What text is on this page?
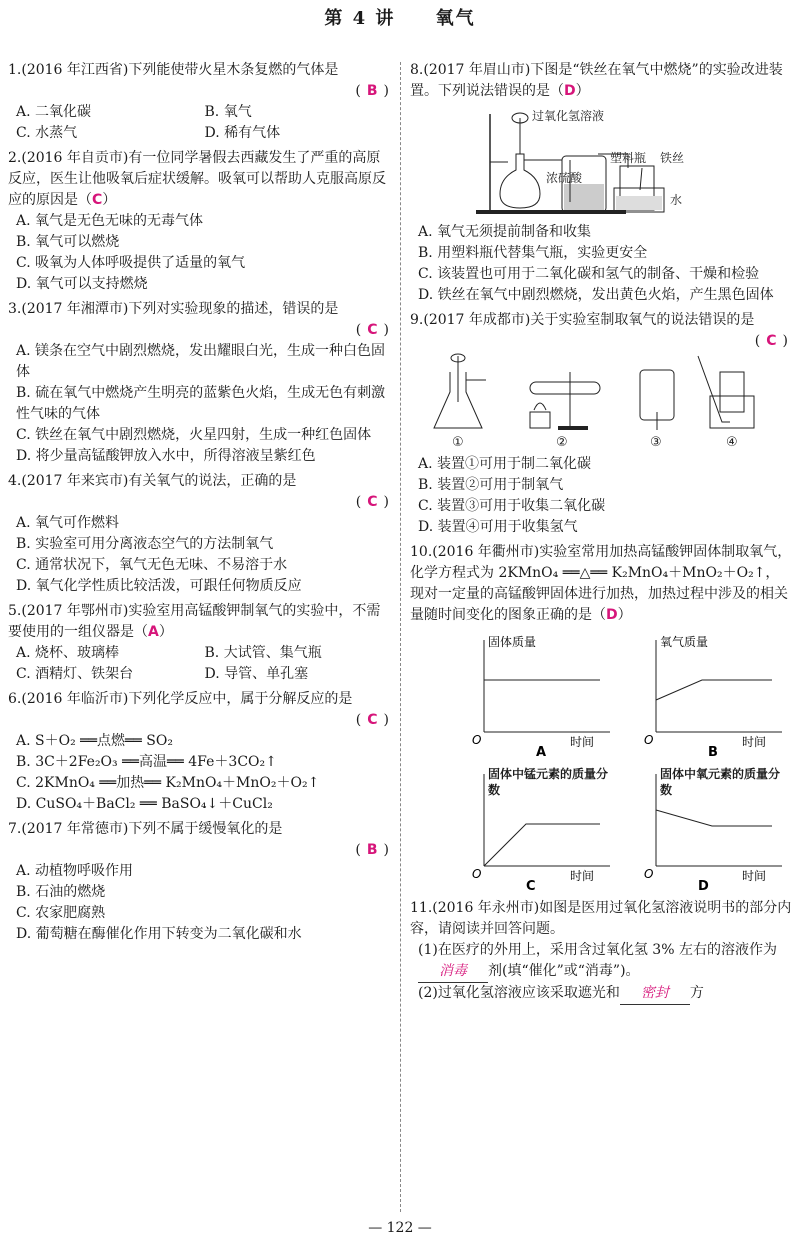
第 4 讲 氧气
1.(2016 年江西省)下列能使带火星木条复燃的气体是
( B )
A. 二氧化碳	B. 氧气
C. 水蒸气	D. 稀有气体
2.(2016 年自贡市)有一位同学暑假去西藏发生了严重的高原反应，医生让他吸氧后症状缓解。吸氧可以帮助人克服高原反应的原因是（C）
A. 氧气是无色无味的无毒气体
B. 氧气可以燃烧
C. 吸氧为人体呼吸提供了适量的氧气
D. 氧气可以支持燃烧
3.(2017 年湘潭市)下列对实验现象的描述，错误的是
( C )
A. 镁条在空气中剧烈燃烧，发出耀眼白光，生成一种白色固体
B. 硫在氧气中燃烧产生明亮的蓝紫色火焰，生成无色有刺激性气味的气体
C. 铁丝在氧气中剧烈燃烧，火星四射，生成一种红色固体
D. 将少量高锰酸钾放入水中，所得溶液呈紫红色
4.(2017 年来宾市)有关氧气的说法，正确的是
( C )
A. 氧气可作燃料
B. 实验室可用分离液态空气的方法制氧气
C. 通常状况下，氧气无色无味、不易溶于水
D. 氧气化学性质比较活泼，可跟任何物质反应
5.(2017 年鄂州市)实验室用高锰酸钾制氧气的实验中，不需要使用的一组仪器是（A）
A. 烧杯、玻璃棒	B. 大试管、集气瓶
C. 酒精灯、铁架台	D. 导管、单孔塞
6.(2016 年临沂市)下列化学反应中，属于分解反应的是
( C )
A. S＋O₂ ══点燃══ SO₂
B. 3C＋2Fe₂O₃ ══高温══ 4Fe＋3CO₂↑
C. 2KMnO₄ ══加热══ K₂MnO₄＋MnO₂＋O₂↑
D. CuSO₄＋BaCl₂ ══ BaSO₄↓＋CuCl₂
7.(2017 年常德市)下列不属于缓慢氧化的是
( B )
A. 动植物呼吸作用
B. 石油的燃烧
C. 农家肥腐熟
D. 葡萄糖在酶催化作用下转变为二氧化碳和水
8.(2017 年眉山市)下图是“铁丝在氧气中燃烧”的实验改进装置。下列说法错误的是（D）
过氧化氢溶液
浓硫酸
塑料瓶 铁丝
水
A. 氧气无须提前制备和收集
B. 用塑料瓶代替集气瓶，实验更安全
C. 该装置也可用于二氧化碳和氢气的制备、干燥和检验
D. 铁丝在氧气中剧烈燃烧，发出黄色火焰，产生黑色固体
9.(2017 年成都市)关于实验室制取氧气的说法错误的是
( C )
①	②	③	④
A. 装置①可用于制二氧化碳
B. 装置②可用于制氧气
C. 装置③可用于收集二氧化碳
D. 装置④可用于收集氢气
10.(2016 年衢州市)实验室常用加热高锰酸钾固体制取氧气，化学方程式为 2KMnO₄ ══△══ K₂MnO₄＋MnO₂＋O₂↑，现对一定量的高锰酸钾固体进行加热，加热过程中涉及的相关量随时间变化的图象正确的是（D）
固体质量
时间
O
A
氧气质量
时间
O
B
固体中锰元素的质量分数
时间
O
C
固体中氧元素的质量分数
时间
O
D
11.(2016 年永州市)如图是医用过氧化氢溶液说明书的部分内容，请阅读并回答问题。
(1)在医疗的外用上，采用含过氧化氢 3% 左右的溶液作为消毒 剂(填“催化”或“消毒”)。
(2)过氧化氢溶液应该采取遮光和 密封 方
— 122 —
